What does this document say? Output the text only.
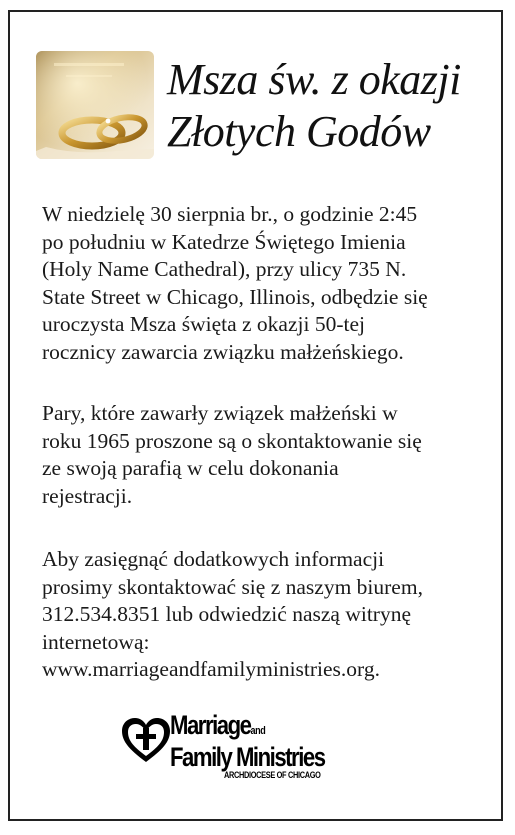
Msza św. z okazji
Złotych Godów
W niedzielę 30 sierpnia br., o godzinie 2:45
po południu w Katedrze Świętego Imienia
(Holy Name Cathedral), przy ulicy 735 N.
State Street w Chicago, Illinois, odbędzie się
uroczysta Msza święta z okazji 50-tej
rocznicy zawarcia związku małżeńskiego.
Pary, które zawarły związek małżeński w
roku 1965 proszone są o skontaktowanie się
ze swoją parafią w celu dokonania
rejestracji.
Aby zasięgnąć dodatkowych informacji
prosimy skontaktować się z naszym biurem,
312.534.8351 lub odwiedzić naszą witrynę
internetową:
www.marriageandfamilyministries.org.
Marriageand
Family Ministries
ARCHDIOCESE OF CHICAGO
